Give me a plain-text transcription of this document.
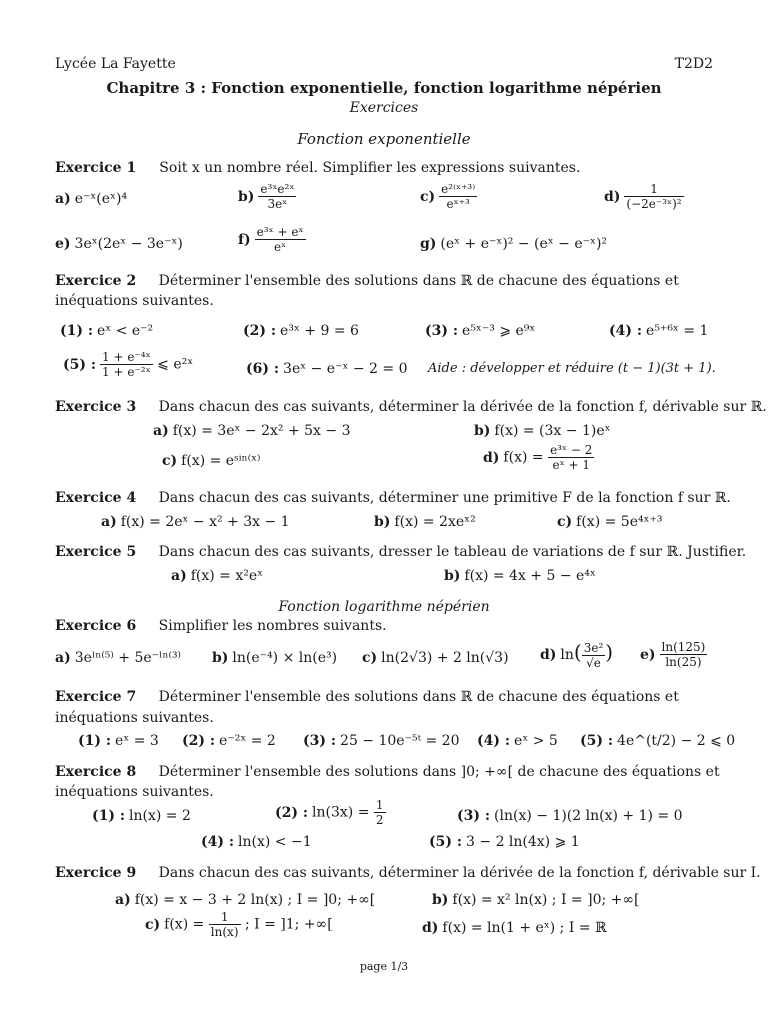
Lycée La Fayette	T2D2
Chapitre 3 : Fonction exponentielle, fonction logarithme népérien
Exercices
Fonction exponentielle
Exercice 1 Soit x un nombre réel. Simplifier les expressions suivantes.
a) e⁻ˣ(eˣ)⁴	$b) \frac{\text{e³ˣe²ˣ}}{\text{3eˣ}}$	$c) \frac{\text{e²⁽ˣ⁺³⁾}}{\text{eˣ⁺³}}$	$d) \frac{1}{\text{(−2e⁻³ˣ)²}}$
e) 3eˣ(2eˣ − 3e⁻ˣ)	$f) \frac{\text{e³ˣ + eˣ}}{\text{eˣ}}$	g) (eˣ + e⁻ˣ)² − (eˣ − e⁻ˣ)²
Exercice 2 Déterminer l'ensemble des solutions dans ℝ de chacune des équations et
inéquations suivantes.
(1) : eˣ < e⁻²	(2) : e³ˣ + 9 = 6	(3) : e⁵ˣ⁻³ ⩾ e⁹ˣ	(4) : e⁵⁺⁶ˣ = 1
(5) : $\frac{\text{1 + e⁻⁴ˣ}}{\text{1 + e⁻²ˣ}}$ ⩽ e²ˣ	(6) : 3eˣ − e⁻ˣ − 2 = 0 Aide : développer et réduire (t − 1)(3t + 1).
Exercice 3 Dans chacun des cas suivants, déterminer la dérivée de la fonction f, dérivable sur ℝ.
a) f(x) = 3eˣ − 2x² + 5x − 3	b) f(x) = (3x − 1)eˣ
c) f(x) = eˢⁱⁿ⁽ˣ⁾	d) $f(x) = \frac{\text{e³ˣ − 2}}{\text{eˣ + 1}}$
Exercice 4 Dans chacun des cas suivants, déterminer une primitive F de la fonction f sur ℝ.
a) f(x) = 2eˣ − x² + 3x − 1	b) f(x) = 2xeˣ²	c) f(x) = 5e⁴ˣ⁺³
Exercice 5 Dans chacun des cas suivants, dresser le tableau de variations de f sur ℝ. Justifier.
a) f(x) = x²eˣ	b) f(x) = 4x + 5 − e⁴ˣ
Fonction logarithme népérien
Exercice 6 Simplifier les nombres suivants.
a) 3eˡⁿ⁽⁵⁾ + 5e⁻ˡⁿ⁽³⁾ b) ln(e⁻⁴) × ln(e³) c) ln(2√3) + 2 ln(√3) d) $\ln( \frac{\text{3e²}}{√e}$ ) $e) \frac{\ln(125)}{\ln(25)}$
Exercice 7 Déterminer l'ensemble des solutions dans ℝ de chacune des équations et
inéquations suivantes.
(1) : eˣ = 3 (2) : e⁻²ˣ = 2 (3) : 25 − 10e⁻⁵ᵗ = 20 (4) : eˣ > 5 (5) : 4e^(t/2) − 2 ⩽ 0
Exercice 8 Déterminer l'ensemble des solutions dans ]0; +∞[ de chacune des équations et
inéquations suivantes.
(1) : ln(x) = 2	(2) : $\ln(3x) = \frac{1}{2}$	(3) : (ln(x) − 1)(2 ln(x) + 1) = 0
(4) : ln(x) < −1	(5) : 3 − 2 ln(4x) ⩾ 1
Exercice 9 Dans chacun des cas suivants, déterminer la dérivée de la fonction f, dérivable sur I.
a) f(x) = x − 3 + 2 ln(x) ; I = ]0; +∞[	b) f(x) = x² ln(x) ; I = ]0; +∞[
c) $f(x) = \frac{1}{\ln(x)}$ ; I = ]1; +∞[	d) f(x) = ln(1 + eˣ) ; I = ℝ
page 1/3
